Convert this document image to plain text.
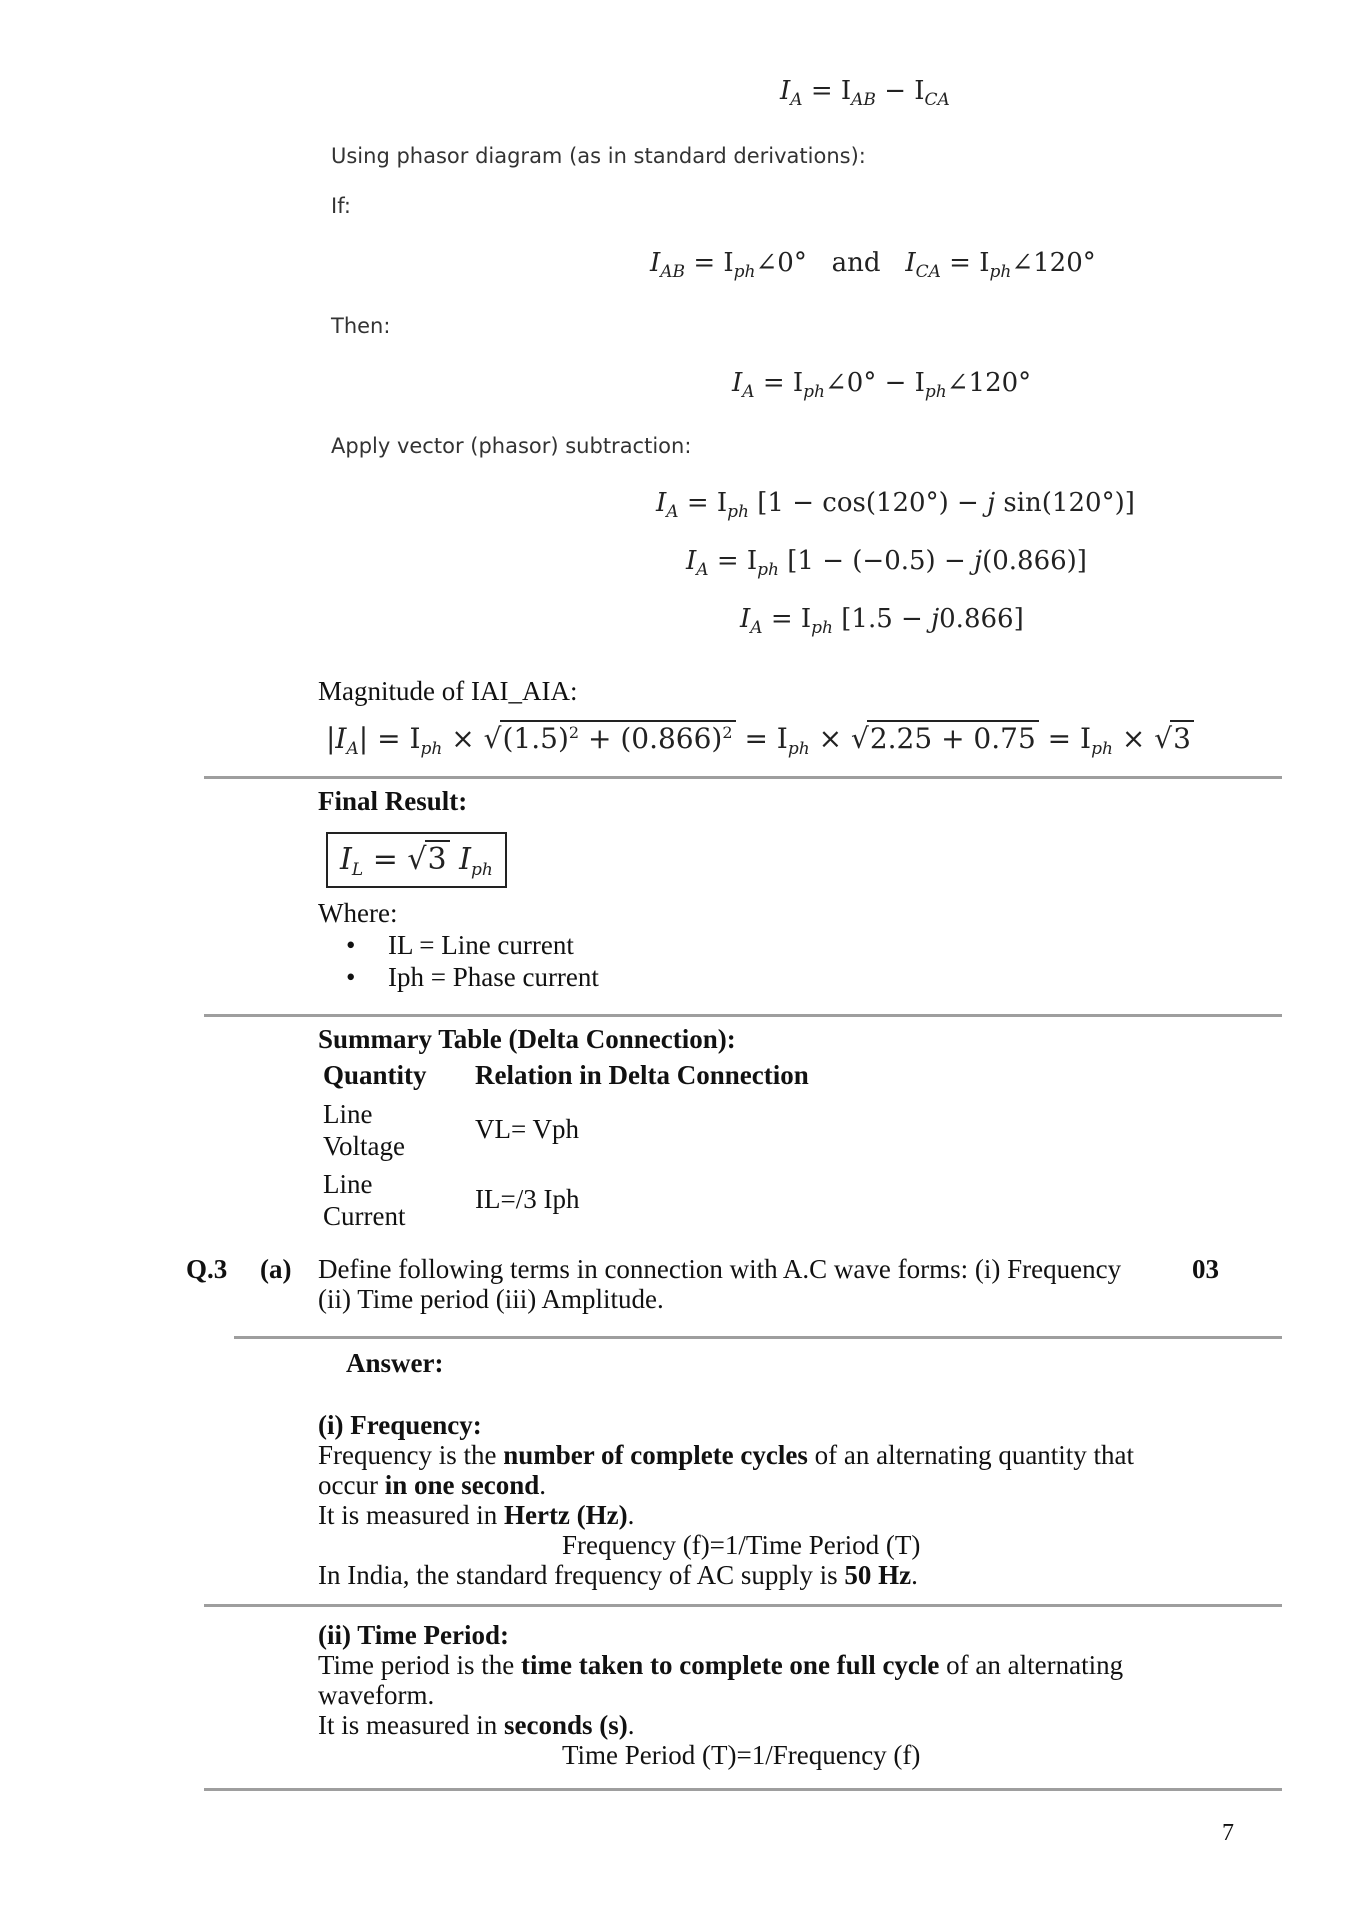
$I_A = I_{AB} - I_{CA}$
Using phasor diagram (as in standard derivations):
If:
$I_{AB}$ = $I_{ph}\angle 0^\circ$ and $I_{CA}$ = $I_{ph}\angle 120^\circ$
Then:
$I_A$ = $I_{ph}\angle 0^\circ$ − $I_{ph}\angle 120^\circ$
Apply vector (phasor) subtraction:
$I_A = I_{ph}$ [1 − cos(120°) − j sin(120°)]
$I_A = I_{ph}$ [1 − (−0.5) − j(0.866)]
$I_A = I_{ph}$ [1.5 − j0.866]
Magnitude of IAI_AIA:
$|I_A| = I_{ph} \times √(1.5)^2 + (0.866)^2 = I_{ph} \times √2.25 + 0.75 = I_{ph} \times √3$
Final Result:
$I_L = √3$ $I_{ph}$
Where:
• IL = Line current
• Iph = Phase current
Summary Table (Delta Connection):
Quantity Relation in Delta Connection
Line
Voltage
VL= Vph
Line
Current
IL=/3 Iph
Q.3 (a) Define following terms in connection with A.C wave forms: (i) Frequency
(ii) Time period (iii) Amplitude.
03
Answer:
(i) Frequency:
Frequency is the number of complete cycles of an alternating quantity that
occur in one second.
It is measured in Hertz (Hz).
Frequency (f)=1/Time Period (T)
In India, the standard frequency of AC supply is 50 Hz.
(ii) Time Period:
Time period is the time taken to complete one full cycle of an alternating
waveform.
It is measured in seconds (s).
Time Period (T)=1/Frequency (f)
7
